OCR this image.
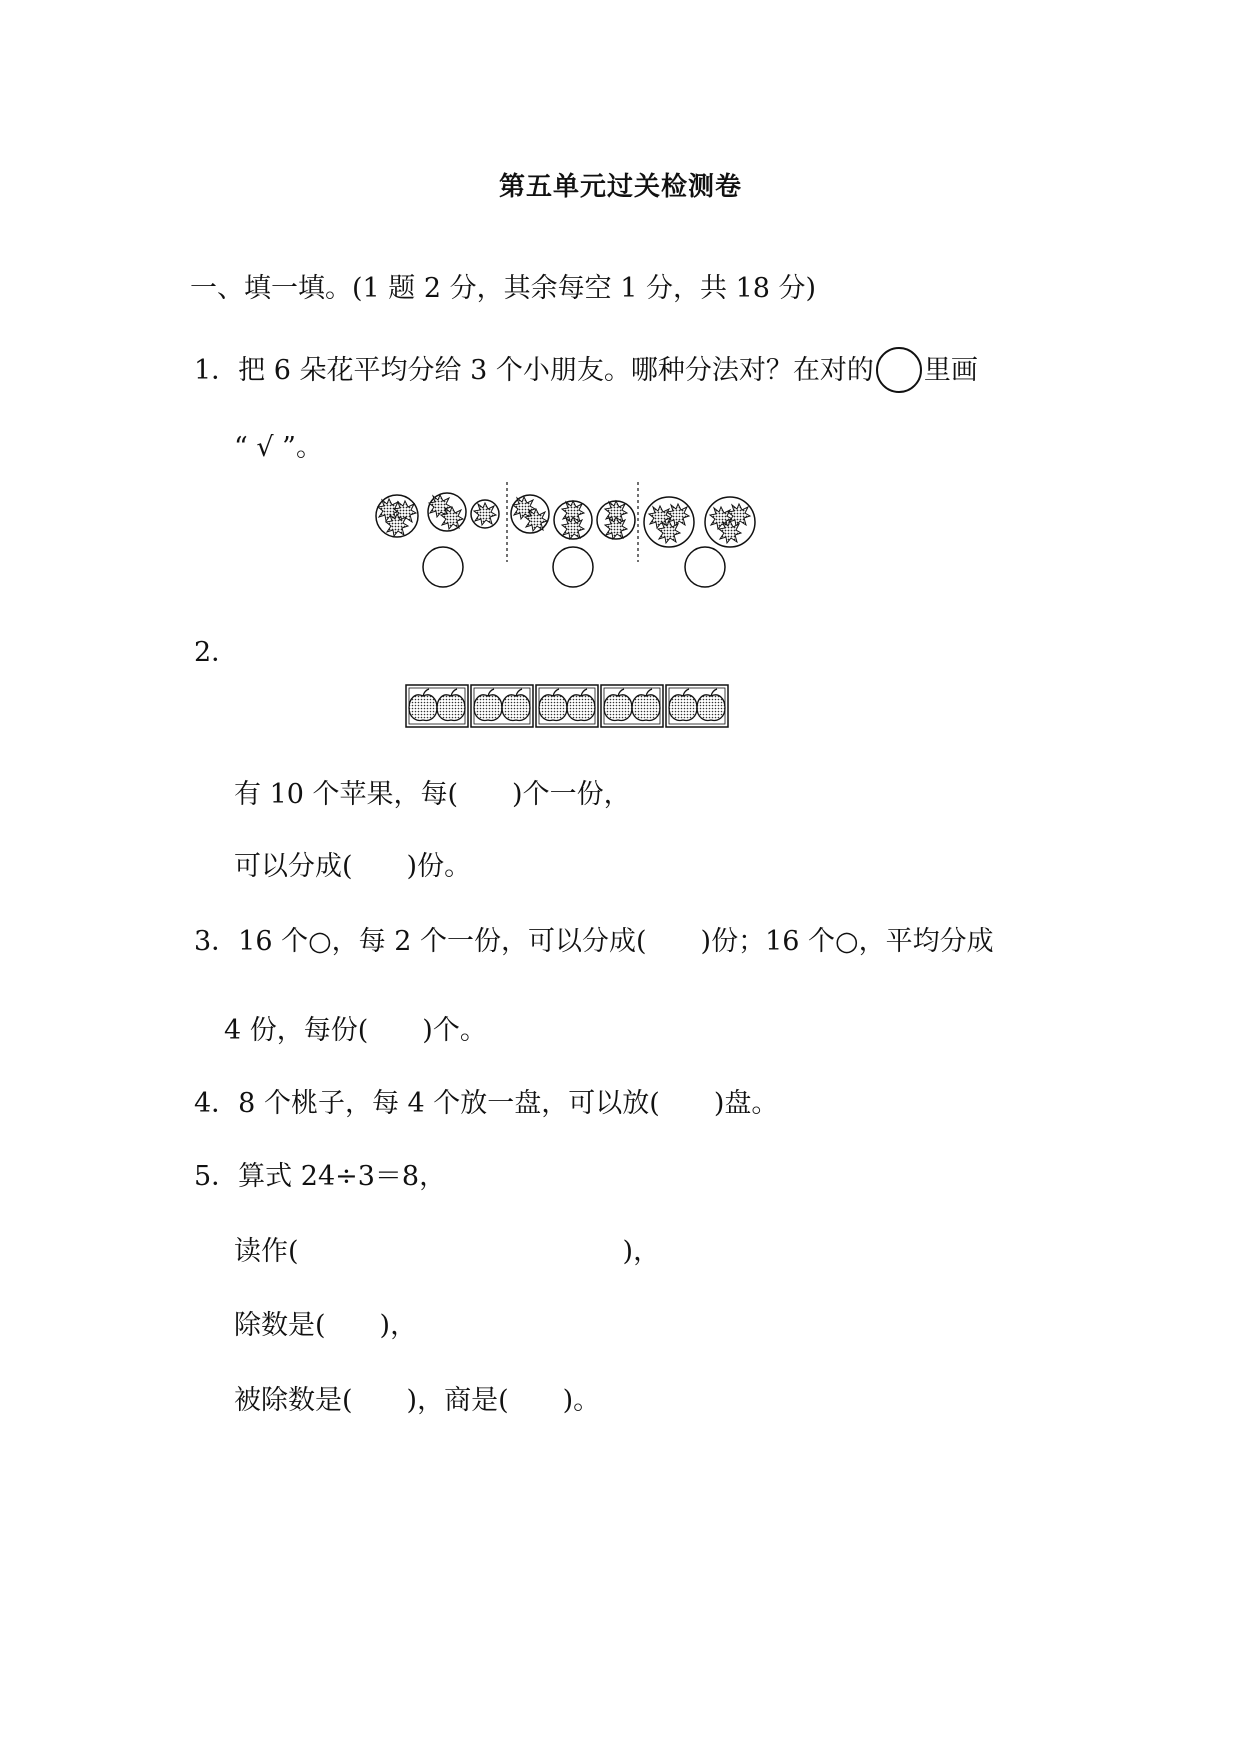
第五单元过关检测卷
一、填一填。(1 题 2 分，其余每空 1 分，共 18 分)
1．把 6 朵花平均分给 3 个小朋友。哪种分法对？在对的 里画
“ √ ”。
2．
有 10 个苹果，每(　　)个一份，
可以分成(　　)份。
3．16 个○，每 2 个一份，可以分成(　　)份；16 个○，平均分成
4 份，每份(　　)个。
4．8 个桃子，每 4 个放一盘，可以放(　　)盘。
5．算式 24÷3＝8，
读作(　　　　　　　　　　　　)，
除数是(　　)，
被除数是(　　)，商是(　　)。
